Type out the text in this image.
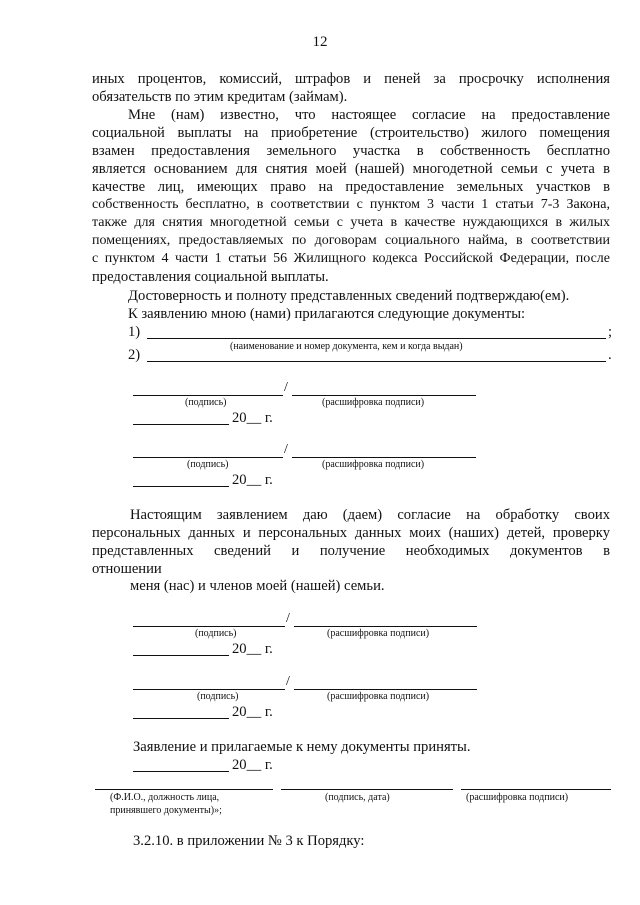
12
иных процентов, комиссий, штрафов и пеней за просрочку исполнения
обязательств по этим кредитам (займам).
Мне (нам) известно, что настоящее согласие на предоставление
социальной выплаты на приобретение (строительство) жилого помещения
взамен предоставления земельного участка в собственность бесплатно
является основанием для снятия моей (нашей) многодетной семьи с учета в
качестве лиц, имеющих право на предоставление земельных участков в
собственность бесплатно, в соответствии с пунктом 3 части 1 статьи 7-3 Закона,
также для снятия многодетной семьи с учета в качестве нуждающихся в жилых
помещениях, предоставляемых по договорам социального найма, в соответствии
с пунктом 4 части 1 статьи 56 Жилищного кодекса Российской Федерации, после
предоставления социальной выплаты.
Достоверность и полноту представленных сведений подтверждаю(ем).
К заявлению мною (нами) прилагаются следующие документы:
1)	;
(наименование и номер документа, кем и когда выдан)
2)	.
/
(подпись)	(расшифровка подписи)
20__ г.
/
(подпись)	(расшифровка подписи)
20__ г.
Настоящим заявлением даю (даем) согласие на обработку своих
персональных данных и персональных данных моих (наших) детей, проверку
представленных сведений и получение необходимых документов в
отношении
меня (нас) и членов моей (нашей) семьи.
/
(подпись)	(расшифровка подписи)
20__ г.
/
(подпись)	(расшифровка подписи)
20__ г.
Заявление и прилагаемые к нему документы приняты.
20__ г.
(Ф.И.О., должность лица,
принявшего документы)»;
(подпись, дата)	(расшифровка подписи)
3.2.10. в приложении № 3 к Порядку:
